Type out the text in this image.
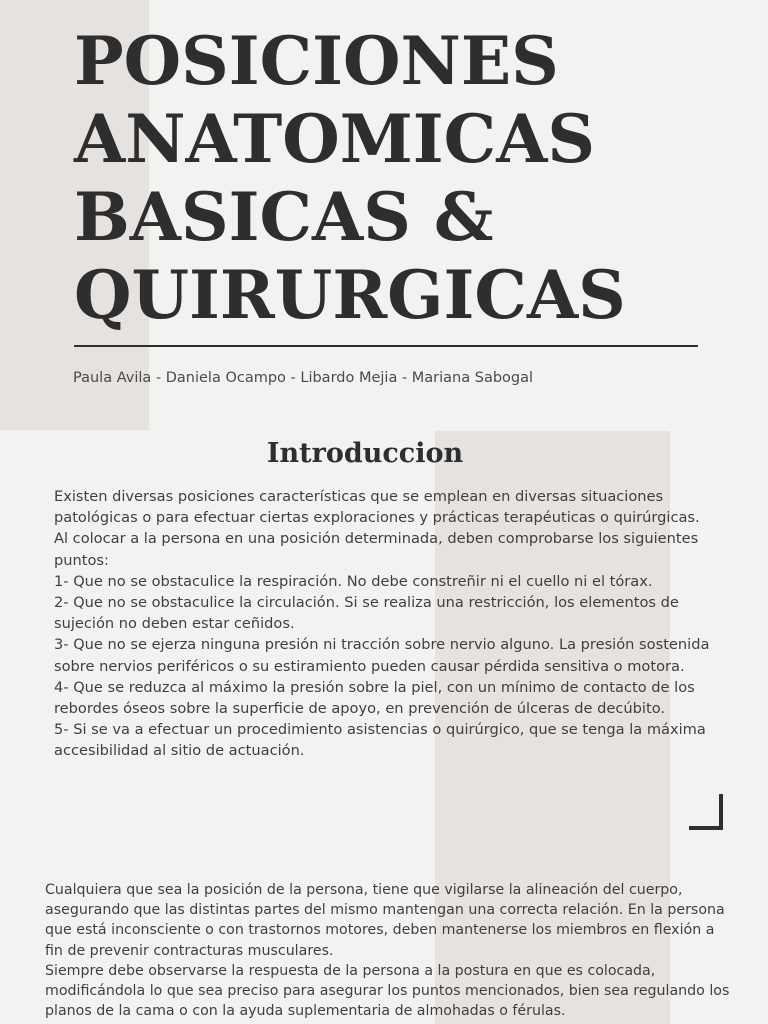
POSICIONES
ANATOMICAS
BASICAS &
QUIRURGICAS
Paula Avila - Daniela Ocampo - Libardo Mejia - Mariana Sabogal
Introduccion

Existen diversas posiciones características que se emplean en diversas situaciones patológicas o para efectuar ciertas exploraciones y prácticas terapéuticas o quirúrgicas.

Al colocar a la persona en una posición determinada, deben comprobarse los siguientes puntos:

1- Que no se obstaculice la respiración. No debe constreñir ni el cuello ni el tórax.

2- Que no se obstaculice la circulación. Si se realiza una restricción, los elementos de sujeción no deben estar ceñidos.

3- Que no se ejerza ninguna presión ni tracción sobre nervio alguno. La presión sostenida sobre nervios periféricos o su estiramiento pueden causar pérdida sensitiva o motora.

4- Que se reduzca al máximo la presión sobre la piel, con un mínimo de contacto de los rebordes óseos sobre la superficie de apoyo, en prevención de úlceras de decúbito.

5- Si se va a efectuar un procedimiento asistencias o quirúrgico, que se tenga la máxima accesibilidad al sitio de actuación.

Cualquiera que sea la posición de la persona, tiene que vigilarse la alineación del cuerpo, asegurando que las distintas partes del mismo mantengan una correcta relación. En la persona que está inconsciente o con trastornos motores, deben mantenerse los miembros en flexión a fin de prevenir contracturas musculares.

Siempre debe observarse la respuesta de la persona a la postura en que es colocada, modificándola lo que sea preciso para asegurar los puntos mencionados, bien sea regulando los planos de la cama o con la ayuda suplementaria de almohadas o férulas.
